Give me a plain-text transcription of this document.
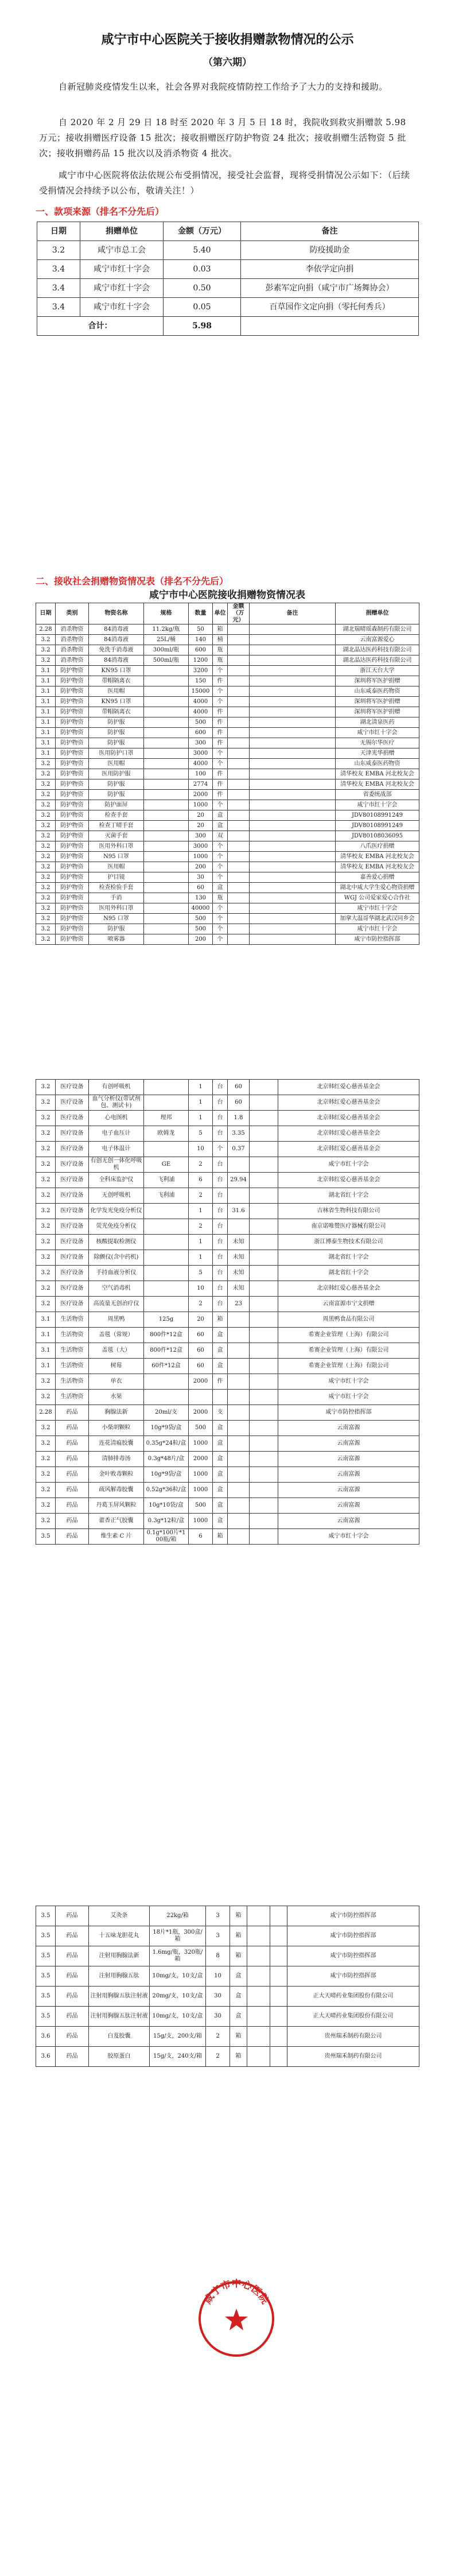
咸宁市中心医院关于接收捐赠款物情况的公示
（第六期）
自新冠肺炎疫情发生以来，社会各界对我院疫情防控工作给予了大力的支持和援助。
自 2020 年 2 月 29 日 18 时至 2020 年 3 月 5 日 18 时，我院收到救灾捐赠款 5.98 万元；接收捐赠医疗设备 15 批次；接收捐赠医疗防护物资 24 批次；接收捐赠生活物资 5 批次；接收捐赠药品 15 批次以及消杀物资 4 批次。
咸宁市中心医院将依法依规公布受捐情况，接受社会监督，现将受捐情况公示如下：（后续受捐情况会持续予以公布，敬请关注！）
一、款项来源（排名不分先后）
日期	捐赠单位	金额（万元）	备注
3.2	咸宁市总工会	5.40	防疫援助金
3.4	咸宁市红十字会	0.03	李依学定向捐
3.4	咸宁市红十字会	0.50	彭素军定向捐（咸宁市广场舞协会）
3.4	咸宁市红十字会	0.05	百草园作文定向捐（零托何秀兵）
合计：		5.98	
二、接收社会捐赠物资情况表（排名不分先后）
咸宁市中心医院接收捐赠物资情况表
日期	类别	物资名称	规格	数量	单位	金额（万元）	备注	捐赠单位
2.28	消杀物资	84消毒液	11.2kg/瓶	50	箱			湖北瑞晴瑶森制药有限公司
3.2	消杀物资	84消毒液	25L/桶	140	桶			云南富源爱心
3.2	消杀物资	免洗手消毒液	300ml/瓶	600	瓶			湖北晶达医药科技有限公司
3.2	消杀物资	84消毒液	500ml/瓶	1200	瓶			湖北晶达医药科技有限公司
3.1	防护物资	KN95 口罩		3200	个			浙江天台大学
3.1	防护物资	带帽隔离衣		150	件			深圳将军医护捐赠
3.1	防护物资	医用帽		15000	个			山东咸泰医药物资
3.1	防护物资	KN95 口罩		4000	个			深圳将军医护捐赠
3.1	防护物资	带帽隔离衣		4000	件			深圳将军医护捐赠
3.1	防护物资	防护服		500	件			湖北清泉医药
3.1	防护物资	防护服		600	件			咸宁市红十字会
3.1	防护物资	防护服		300	件			无锡尔华医疗
3.1	防护物资	医用防护口罩		3000	个			天津光华捐赠
3.2	防护物资	医用帽		4000	个			山东咸泰医药物资
3.2	防护物资	医用防护服		100	件			清华校友 EMBA 河北校友会
3.2	防护物资	防护服		2774	件			清华校友 EMBA 河北校友会
3.2	防护物资	防护服		2000	件			省委统战部
3.2	防护物资	防护面屏		1000	个			咸宁市红十字会
3.2	防护物资	检查手套		20	盒			JDV80108991249
3.2	防护物资	检查丁晴手套		20	盒			JDV80108991249
3.2	防护物资	灭菌手套		300	双			JDV80108036095
3.2	防护物资	医用外科口罩		3000	个			八爪医疗捐赠
3.2	防护物资	N95 口罩		1000	个			清华校友 EMBA 河北校友会
3.2	防护物资	医用帽		200	个			清华校友 EMBA 河北校友会
3.2	防护物资	护目镜		30	个			嘉善爱心捐赠
3.2	防护物资	检查检验手套		60	盒			湖北中咸大学生爱心物资捐赠
3.2	防护物资	手消		130	瓶			WGJ 公司爱家爱心合作社
3.2	防护物资	医用外科口罩		40000	个			咸宁市红十字会
3.2	防护物资	N95 口罩		500	个			加拿大温哥华湖北武汉同乡会
3.2	防护物资	防护服		500	个			咸宁市红十字会
3.2	防护物资	喷雾器		200	个			咸宁市防控指挥部
3.2	医疗设备	有创呼吸机		1	台	60		北京韩红爱心慈善基金会
3.2	医疗设备	血气分析仪(带试剂包、测试卡)		1	台	60		北京韩红爱心慈善基金会
3.2	医疗设备	心电图机	理邦	1	台	1.8		北京韩红爱心慈善基金会
3.2	医疗设备	电子血压计	欧姆龙	5	台	3.35		北京韩红爱心慈善基金会
3.2	医疗设备	电子体温计		10	个	0.37		北京韩红爱心慈善基金会
3.2	医疗设备	有创无创一体化呼吸机	GE	2	台			咸宁市红十字会
3.2	医疗设备	全科床监护仪	飞利浦	6	台	29.94		北京韩红爱心慈善基金会
3.2	医疗设备	无创呼吸机	飞利浦	2	台			湖北省红十字会
3.2	医疗设备	化学发光免疫分析仪		1	台	31.6		吉林省生物科技有限公司
3.2	医疗设备	荧光免疫分析仪		2	台			南京诺唯赞医疗器械有限公司
3.2	医疗设备	核酸提取检测仪		1	台	未知		浙江博泰生物技术有限公司
3.2	医疗设备	除颤仪(含中药机)		1	台	未知		湖北省红十字会
3.2	医疗设备	手持血液分析仪		5	台	未知		湖北省红十字会
3.2	医疗设备	空气消毒机		10	台	未知		北京韩红爱心慈善基金会
3.2	医疗设备	高流量无创治疗仪		2	台	23		云南富源市宁文捐赠
3.1	生活物资	周黑鸭	125g	20	箱			周黑鸭食品有限公司
3.1	生活物资	盖毯（常规）	800件*12盒	60	盒			希赛企业管理（上海）有限公司
3.1	生活物资	盖毯（大）	800件*12盒	60	盒			希赛企业管理（上海）有限公司
3.1	生活物资	树莓	60件*12盒	60	盒			希赛企业管理（上海）有限公司
3.2	生活物资	单衣		2000	件			咸宁市红十字会
3.2	生活物资	水果						咸宁市红十字会
2.28	药品	胸腺法新	20ml/支	2000	支			咸宁市防控指挥部
3.2	药品	小柴胡颗粒	10g*9袋/盒	500	盒			云南富源
3.2	药品	连花清瘟胶囊	0.35g*24粒/盒	1000	盒			云南富源
3.2	药品	清肺排毒汤	0.3g*48片/盒	2000	盒			云南富源
3.2	药品	金叶败毒颗粒	10g*9袋/盒	1000	盒			云南富源
3.2	药品	疏风解毒胶囊	0.52g*36粒/盒	1000	盒			云南富源
3.2	药品	丹葛玉屏风颗粒	10g*10袋/盒	500	盒			云南富源
3.2	药品	藿香正气胶囊	0.3g*12粒/盒	1000	盒			云南富源
3.5	药品	维生素 C 片	0.1g*100片*100瓶/箱	6	箱			咸宁市红十字会
3.5	药品	艾灸条	22kg/箱	3	箱			咸宁市防控指挥部
3.5	药品	十五味龙胆花丸	18片*1瓶，300盒/箱	3	箱			咸宁市防控指挥部
3.5	药品	注射用胸腺法新	1.6mg/瓶，320瓶/箱	8	箱			咸宁市防控指挥部
3.5	药品	注射用胸腺五肽	10mg/支，10支/盒	10	盒			咸宁市防控指挥部
3.5	药品	注射用胸腺五肽注射液	20mg/支，10支/盒	30	盒			正大天晴药业集团股份有限公司
3.5	药品	注射用胸腺五肽注射液	10mg/支，10支/盒	30	盒			正大天晴药业集团股份有限公司
3.6	药品	白芨胶囊	15g/支，200支/箱	2	箱			贵州瑞禾制药有限公司
3.6	药品	胶原蛋白	15g/支，240支/箱	2	箱			贵州瑞禾制药有限公司
咸宁市中心医院
